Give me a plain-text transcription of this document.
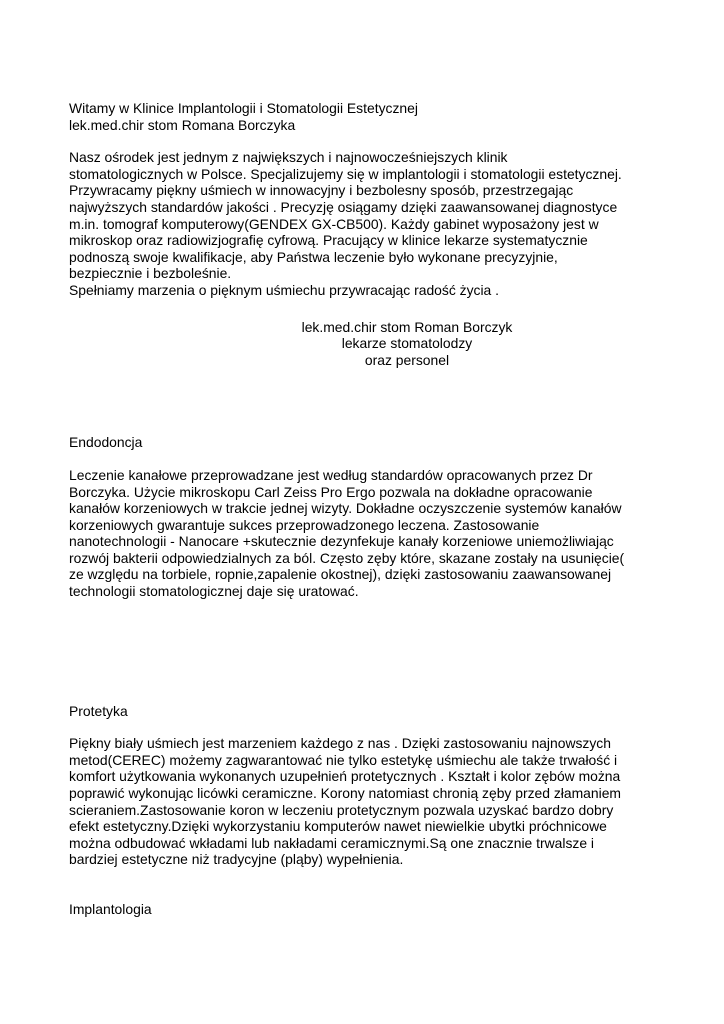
Witamy w Klinice Implantologii i Stomatologii Estetycznej
lek.med.chir stom Romana Borczyka

Nasz ośrodek jest jednym z największych i najnowocześniejszych klinik
stomatologicznych w Polsce. Specjalizujemy się w implantologii i stomatologii estetycznej.
Przywracamy piękny uśmiech w innowacyjny i bezbolesny sposób, przestrzegając
najwyższych standardów jakości . Precyzję osiągamy dzięki zaawansowanej diagnostyce
m.in. tomograf komputerowy(GENDEX GX-CB500). Każdy gabinet wyposażony jest w
mikroskop oraz radiowizjografię cyfrową. Pracujący w klinice lekarze systematycznie
podnoszą swoje kwalifikacje, aby Państwa leczenie było wykonane precyzyjnie,
bezpiecznie i bezboleśnie.
Spełniamy marzenia o pięknym uśmiechu przywracając radość życia .

lek.med.chir stom Roman Borczyk
lekarze stomatolodzy
oraz personel

Endodoncja

Leczenie kanałowe przeprowadzane jest według standardów opracowanych przez Dr
Borczyka. Użycie mikroskopu Carl Zeiss Pro Ergo pozwala na dokładne opracowanie
kanałów korzeniowych w trakcie jednej wizyty. Dokładne oczyszczenie systemów kanałów
korzeniowych gwarantuje sukces przeprowadzonego leczena. Zastosowanie
nanotechnologii - Nanocare +skutecznie dezynfekuje kanały korzeniowe uniemożliwiając
rozwój bakterii odpowiedzialnych za ból. Często zęby które, skazane zostały na usunięcie(
ze względu na torbiele, ropnie,zapalenie okostnej), dzięki zastosowaniu zaawansowanej
technologii stomatologicznej daje się uratować.

Protetyka

Piękny biały uśmiech jest marzeniem każdego z nas . Dzięki zastosowaniu najnowszych
metod(CEREC) możemy zagwarantować nie tylko estetykę uśmiechu ale także trwałość i
komfort użytkowania wykonanych uzupełnień protetycznych . Kształt i kolor zębów można
poprawić wykonując licówki ceramiczne. Korony natomiast chronią zęby przed złamaniem
scieraniem.Zastosowanie koron w leczeniu protetycznym pozwala uzyskać bardzo dobry
efekt estetyczny.Dzięki wykorzystaniu komputerów nawet niewielkie ubytki próchnicowe
można odbudować wkładami lub nakładami ceramicznymi.Są one znacznie trwalsze i
bardziej estetyczne niż tradycyjne (pląby) wypełnienia.

Implantologia
